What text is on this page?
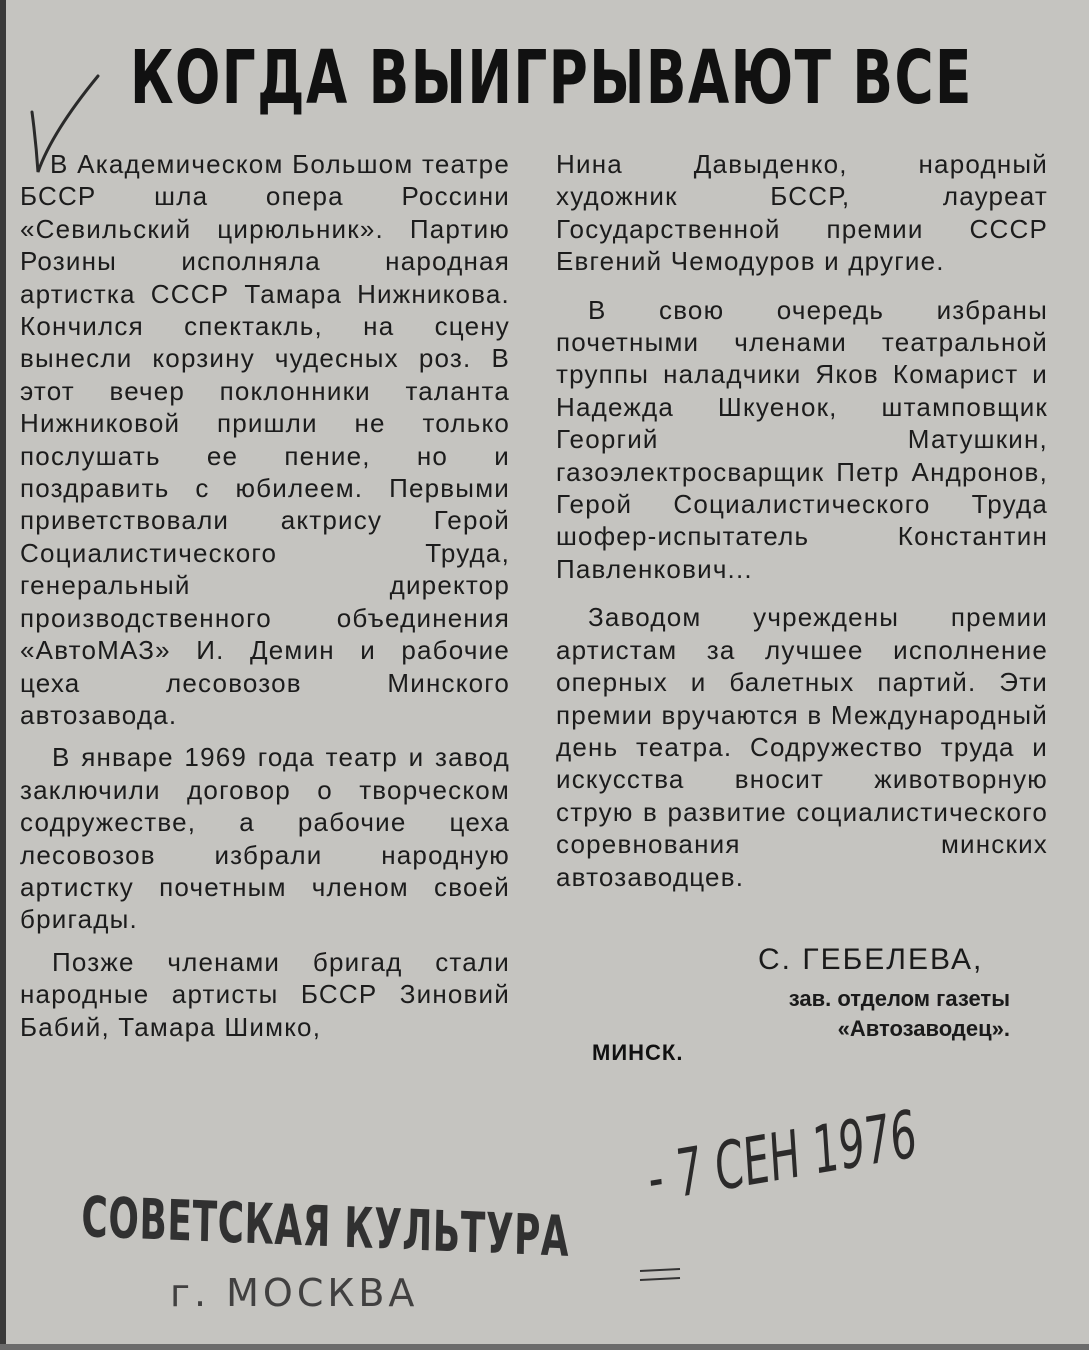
КОГДА ВЫИГРЫВАЮТ ВСЕ

В Академическом Большом театре БССР шла опера Россини «Севильский цирюльник». Партию Розины исполняла народная артистка СССР Тамара Нижникова. Кончился спектакль, на сцену вынесли корзину чудесных роз. В этот вечер поклонники таланта Нижниковой пришли не только послушать ее пение, но и поздравить с юбилеем. Первыми приветствовали актрису Герой Социалистического Труда, генеральный директор производственного объединения «АвтоМАЗ» И. Демин и рабочие цеха лесовозов Минского автозавода.

В январе 1969 года театр и завод заключили договор о творческом содружестве, а рабочие цеха лесовозов избрали народную артистку почетным членом своей бригады.

Позже членами бригад стали народные артисты БССР Зиновий Бабий, Тамара Шимко,

Нина Давыденко, народный художник БССР, лауреат Государственной премии СССР Евгений Чемодуров и другие.

В свою очередь избраны почетными членами театральной труппы наладчики Яков Комарист и Надежда Шкуенок, штамповщик Георгий Матушкин, газоэлектросварщик Петр Андронов, Герой Социалистического Труда шофер-испытатель Константин Павленкович...

Заводом учреждены премии артистам за лучшее исполнение оперных и балетных партий. Эти премии вручаются в Международный день театра. Содружество труда и искусства вносит животворную струю в развитие социалистического соревнования минских автозаводцев.

С. ГЕБЕЛЕВА,
зав. отделом газеты
«Автозаводец».
МИНСК.
СОВЕТСКАЯ КУЛЬТУРА
г. МОСКВА
- 7 СЕН 1976
